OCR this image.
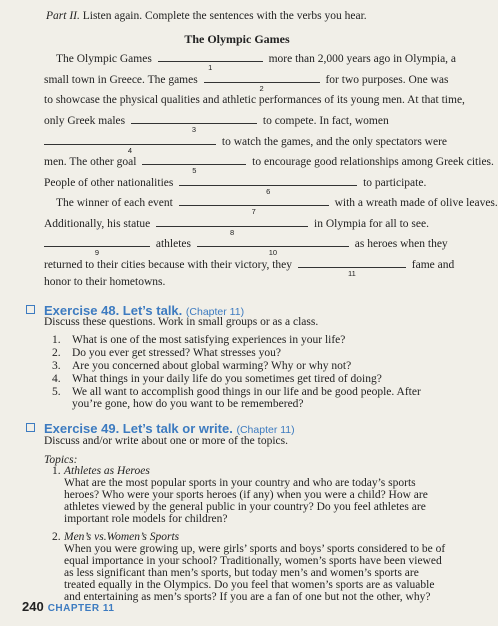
Part II. Listen again. Complete the sentences with the verbs you hear.
The Olympic Games
The Olympic Games
1
more than 2,000 years ago in Olympia, a
small town in Greece. The games
2
for two purposes. One was
to showcase the physical qualities and athletic performances of its young men. At that time,
only Greek males
3
to compete. In fact, women
4
to watch the games, and the only spectators were
men. The other goal
5
to encourage good relationships among Greek cities.
People of other nationalities
6
to participate.
The winner of each event
7
with a wreath made of olive leaves.
Additionally, his statue
8
in Olympia for all to see.
9
athletes
10
as heroes when they
returned to their cities because with their victory, they
11
fame and
honor to their hometowns.
Exercise 48. Let’s talk. (Chapter 11)
Discuss these questions. Work in small groups or as a class.
1. What is one of the most satisfying experiences in your life?
2. Do you ever get stressed? What stresses you?
3. Are you concerned about global warming? Why or why not?
4. What things in your daily life do you sometimes get tired of doing?
5. We all want to accomplish good things in our life and be good people. After you’re gone, how do you want to be remembered?
Exercise 49. Let’s talk or write. (Chapter 11)
Discuss and/or write about one or more of the topics.
Topics:
1. Athletes as Heroes
What are the most popular sports in your country and who are today’s sports heroes? Who were your sports heroes (if any) when you were a child? How are athletes viewed by the general public in your country? Do you feel athletes are important role models for children?
2. Men’s vs.Women’s Sports
When you were growing up, were girls’ sports and boys’ sports considered to be of equal importance in your school? Traditionally, women’s sports have been viewed as less significant than men’s sports, but today men’s and women’s sports are treated equally in the Olympics. Do you feel that women’s sports are as valuable and entertaining as men’s sports? If you are a fan of one but not the other, why?
240 CHAPTER 11
